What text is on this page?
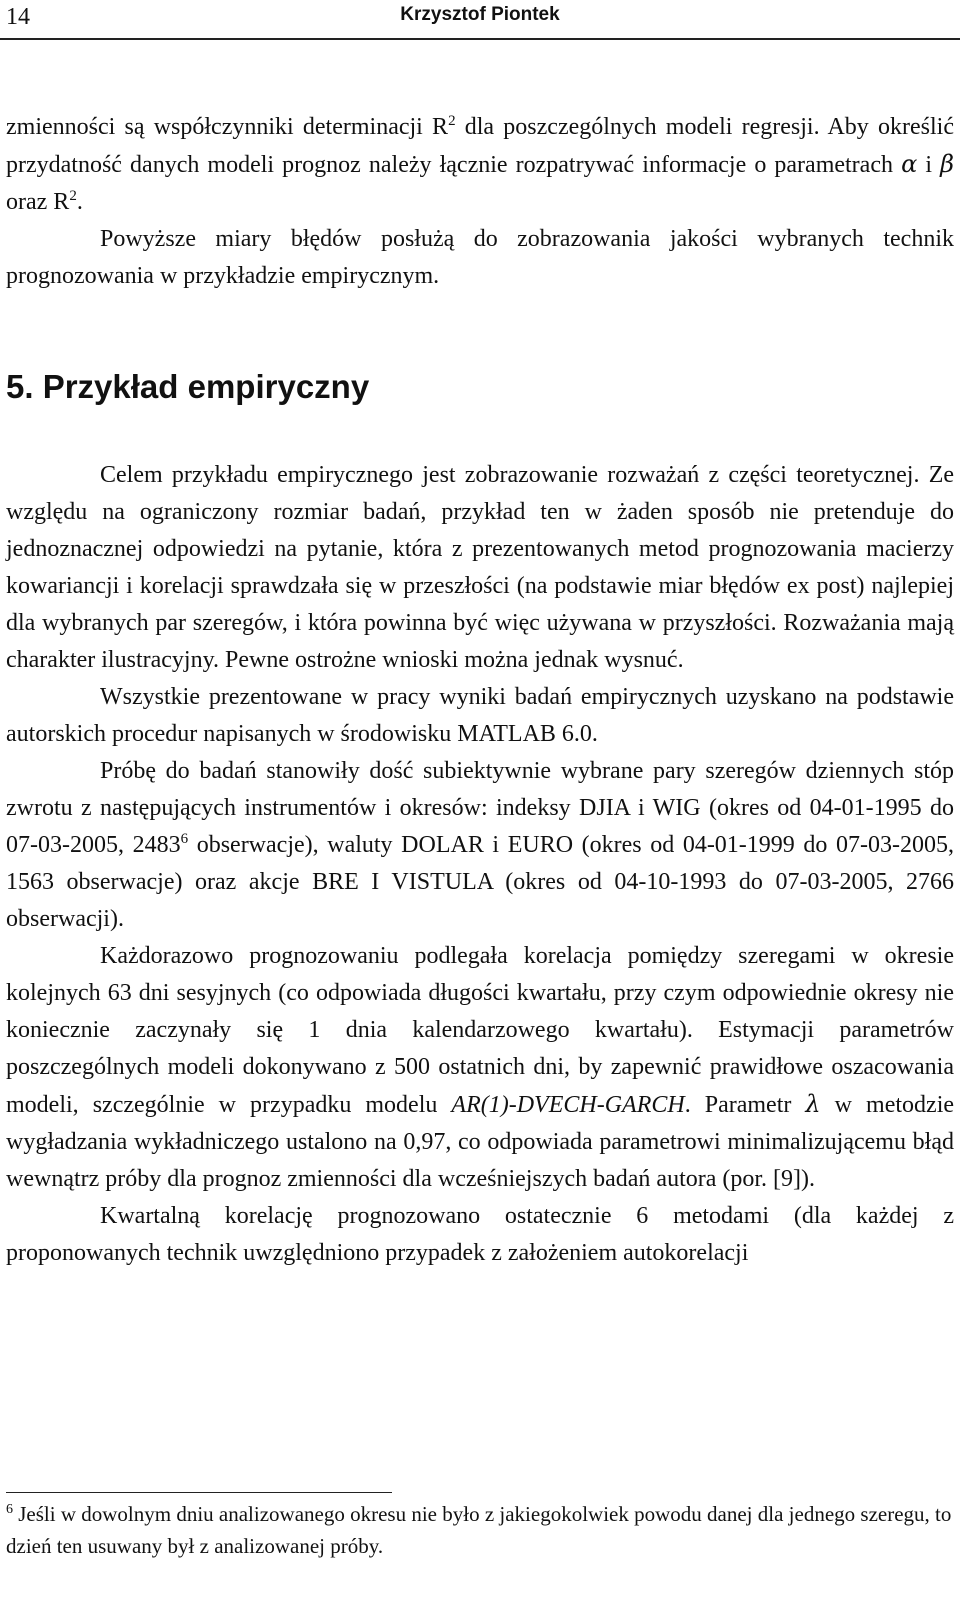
14	Krzysztof Piontek

zmienności są współczynniki determinacji $R^2$ dla poszczególnych modeli regresji. Aby określić przydatność danych modeli prognoz należy łącznie rozpatrywać informacje o parametrach α i β oraz $R^2$.

Powyższe miary błędów posłużą do zobrazowania jakości wybranych technik prognozowania w przykładzie empirycznym.

5. Przykład empiryczny

Celem przykładu empirycznego jest zobrazowanie rozważań z części teoretycznej. Ze względu na ograniczony rozmiar badań, przykład ten w żaden sposób nie pretenduje do jednoznacznej odpowiedzi na pytanie, która z prezentowanych metod prognozowania macierzy kowariancji i korelacji sprawdzała się w przeszłości (na podstawie miar błędów ex post) najlepiej dla wybranych par szeregów, i która powinna być więc używana w przyszłości. Rozważania mają charakter ilustracyjny. Pewne ostrożne wnioski można jednak wysnuć.

Wszystkie prezentowane w pracy wyniki badań empirycznych uzyskano na podstawie autorskich procedur napisanych w środowisku MATLAB 6.0.

Próbę do badań stanowiły dość subiektywnie wybrane pary szeregów dziennych stóp zwrotu z następujących instrumentów i okresów: indeksy DJIA i WIG (okres od 04-01-1995 do 07-03-2005, 2483$^6$ obserwacje), waluty DOLAR i EURO (okres od 04-01-1999 do 07-03-2005, 1563 obserwacje) oraz akcje BRE I VISTULA (okres od 04-10-1993 do 07-03-2005, 2766 obserwacji).

Każdorazowo prognozowaniu podlegała korelacja pomiędzy szeregami w okresie kolejnych 63 dni sesyjnych (co odpowiada długości kwartału, przy czym odpowiednie okresy nie koniecznie zaczynały się 1 dnia kalendarzowego kwartału). Estymacji parametrów poszczególnych modeli dokonywano z 500 ostatnich dni, by zapewnić prawidłowe oszacowania modeli, szczególnie w przypadku modelu AR(1)-DVECH-GARCH. Parametr λ w metodzie wygładzania wykładniczego ustalono na 0,97, co odpowiada parametrowi minimalizującemu błąd wewnątrz próby dla prognoz zmienności dla wcześniejszych badań autora (por. [9]).

Kwartalną korelację prognozowano ostatecznie 6 metodami (dla każdej z proponowanych technik uwzględniono przypadek z założeniem autokorelacji

$^6$ Jeśli w dowolnym dniu analizowanego okresu nie było z jakiegokolwiek powodu danej dla jednego szeregu, to dzień ten usuwany był z analizowanej próby.
